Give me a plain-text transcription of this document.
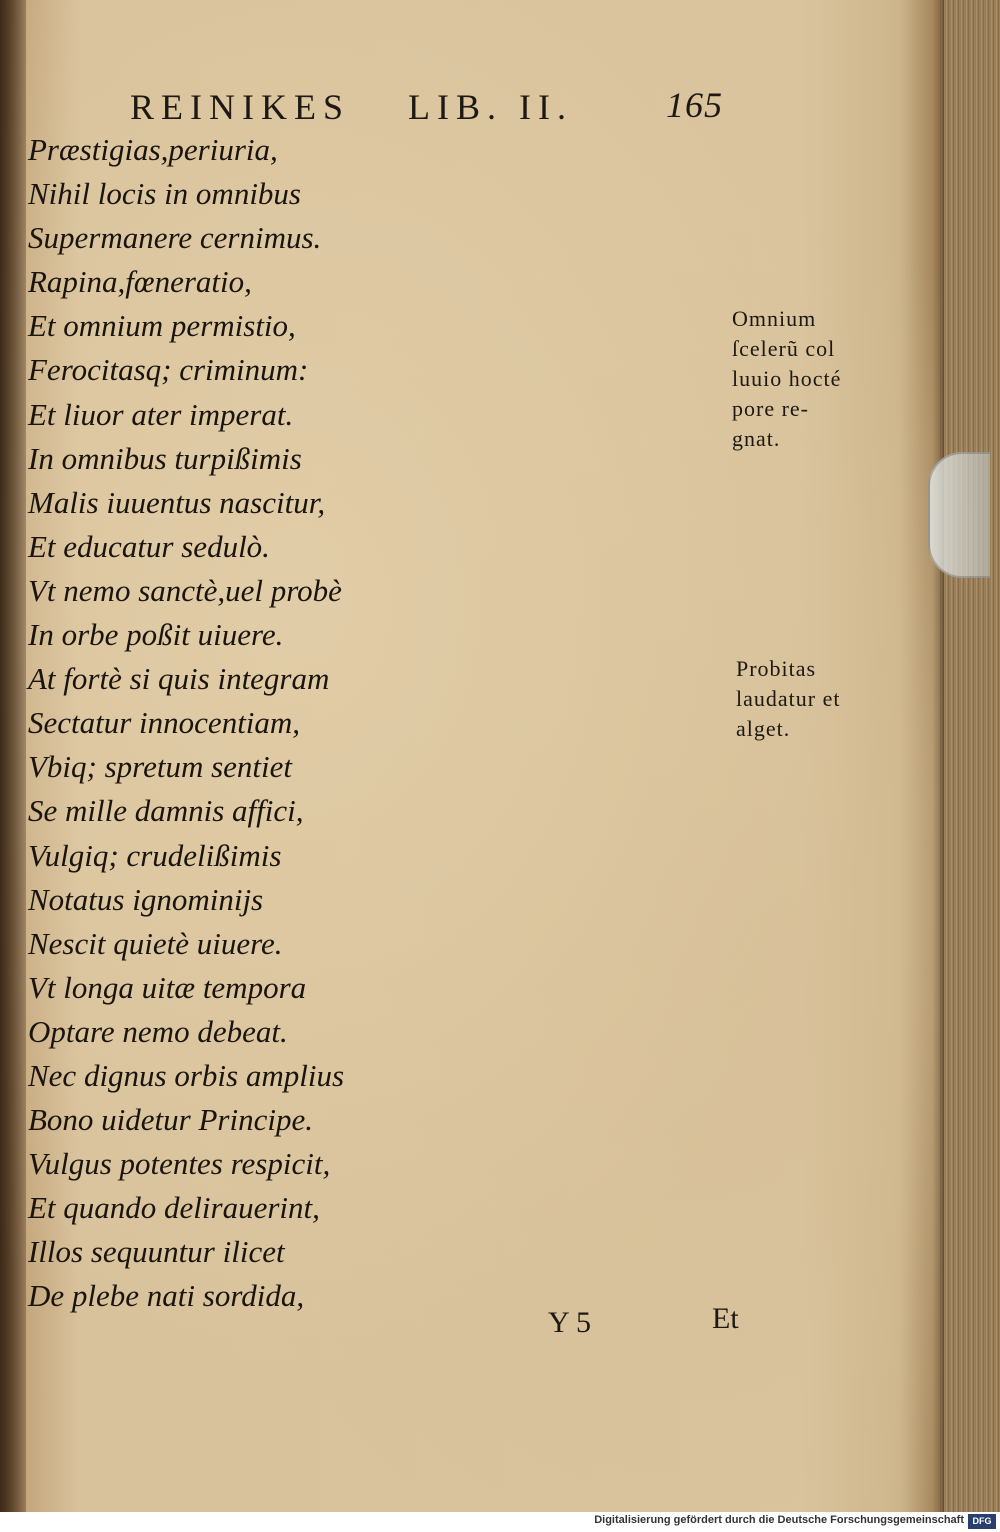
REINIKES LIB. II.	165
Præstigias,periuria,
Nihil locis in omnibus
Supermanere cernimus.
Rapina,fœneratio,
Et omnium permistio,
Ferocitasq; criminum:
Et liuor ater imperat.
In omnibus turpißimis
Malis iuuentus nascitur,
Et educatur sedulò.
Vt nemo sanctè,uel probè
In orbe poßit uiuere.
At fortè si quis integram
Sectatur innocentiam,
Vbiq; spretum sentiet
Se mille damnis affici,
Vulgiq; crudelißimis
Notatus ignominijs
Nescit quietè uiuere.
Vt longa uitæ tempora
Optare nemo debeat.
Nec dignus orbis amplius
Bono uidetur Principe.
Vulgus potentes respicit,
Et quando delirauerint,
Illos sequuntur ilicet
De plebe nati sordida,
Omnium
ſcelerũ col
luuio hocté
pore re-
gnat.
Probitas
laudatur et
alget.
Y 5	Et
Digitalisierung gefördert durch die Deutsche Forschungsgemeinschaft DFG
